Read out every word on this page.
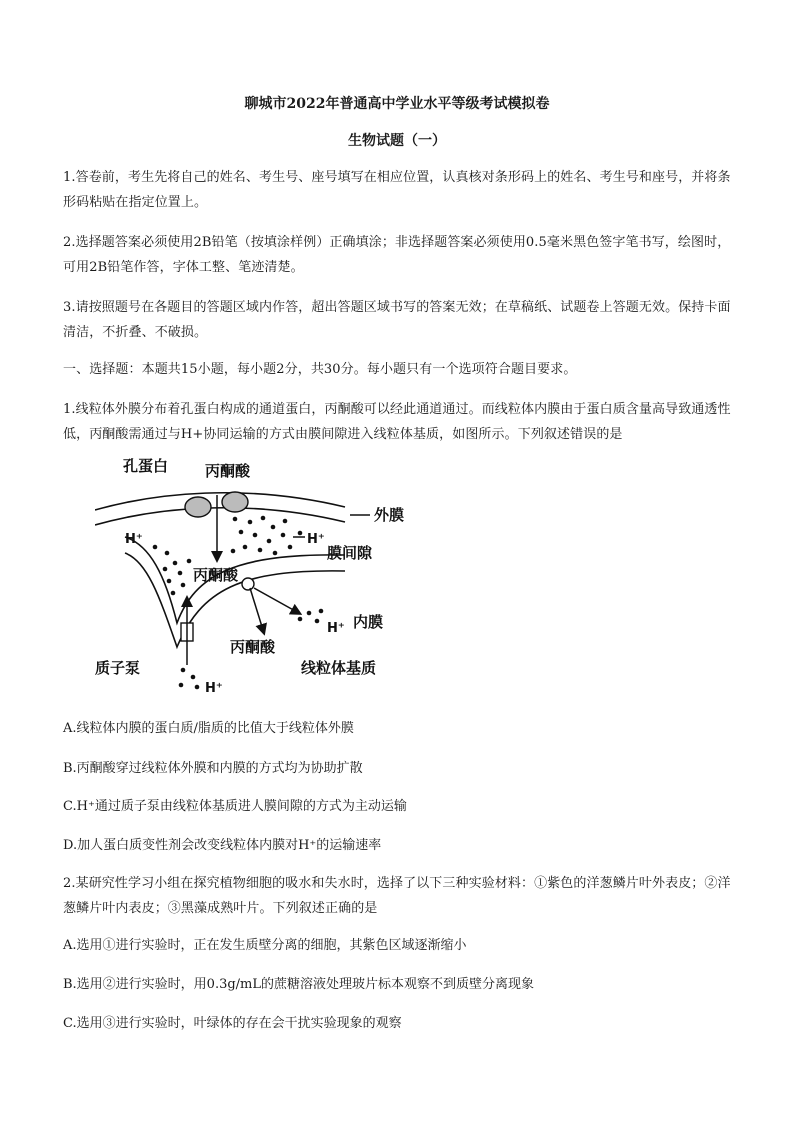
聊城市2022年普通高中学业水平等级考试模拟卷
生物试题（一）
1.答卷前，考生先将自己的姓名、考生号、座号填写在相应位置，认真核对条形码上的姓名、考生号和座号，并将条形码粘贴在指定位置上。
2.选择题答案必须使用2B铅笔（按填涂样例）正确填涂；非选择题答案必须使用0.5毫米黑色签字笔书写，绘图时，可用2B铅笔作答，字体工整、笔迹清楚。
3.请按照题号在各题目的答题区域内作答，超出答题区域书写的答案无效；在草稿纸、试题卷上答题无效。保持卡面清洁，不折叠、不破损。
一、选择题：本题共15小题，每小题2分，共30分。每小题只有一个选项符合题目要求。
1.线粒体外膜分布着孔蛋白构成的通道蛋白，丙酮酸可以经此通道通过。而线粒体内膜由于蛋白质含量高导致通透性低，丙酮酸需通过与H+协同运输的方式由膜间隙进入线粒体基质，如图所示。下列叙述错误的是
孔蛋白 丙酮酸
外膜
H⁺	H⁺
膜间隙
丙酮酸
内膜
H⁺
丙酮酸
质子泵	线粒体基质
H⁺
A.线粒体内膜的蛋白质/脂质的比值大于线粒体外膜
B.丙酮酸穿过线粒体外膜和内膜的方式均为协助扩散
C.H⁺通过质子泵由线粒体基质进人膜间隙的方式为主动运输
D.加人蛋白质变性剂会改变线粒体内膜对H⁺的运输速率
2.某研究性学习小组在探究植物细胞的吸水和失水时，选择了以下三种实验材料：①紫色的洋葱鳞片叶外表皮；②洋葱鳞片叶内表皮；③黑藻成熟叶片。下列叙述正确的是
A.选用①进行实验时，正在发生质壁分离的细胞，其紫色区域逐渐缩小
B.选用②进行实验时，用0.3g/mL的蔗糖溶液处理玻片标本观察不到质壁分离现象
C.选用③进行实验时，叶绿体的存在会干扰实验现象的观察
